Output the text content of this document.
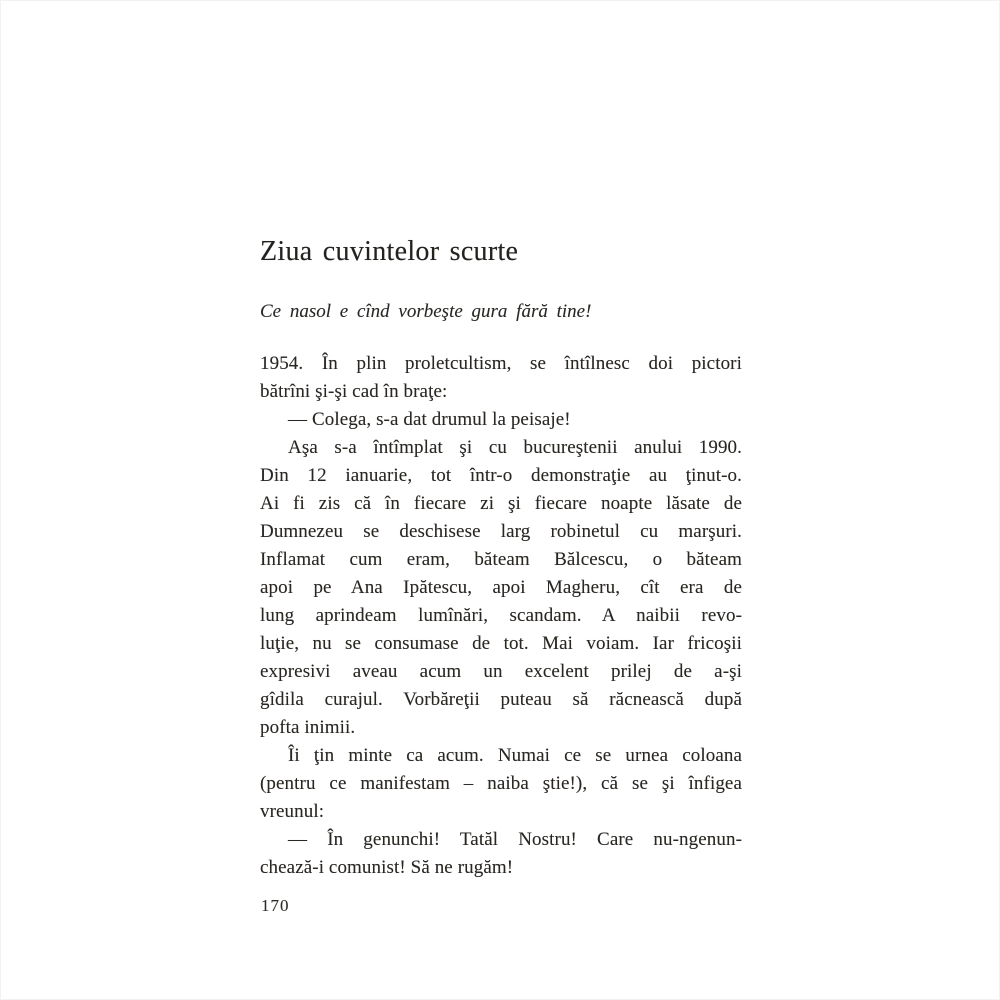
Ziua cuvintelor scurte
Ce nasol e cînd vorbeşte gura fără tine!
1954. În plin proletcultism, se întîlnesc doi pictori
bătrîni şi-şi cad în braţe:
— Colega, s-a dat drumul la peisaje!
Aşa s-a întîmplat şi cu bucureştenii anului 1990.
Din 12 ianuarie, tot într-o demonstraţie au ţinut-o.
Ai fi zis că în fiecare zi şi fiecare noapte lăsate de
Dumnezeu se deschisese larg robinetul cu marşuri.
Inflamat cum eram, băteam Bălcescu, o băteam
apoi pe Ana Ipătescu, apoi Magheru, cît era de
lung aprindeam lumînări, scandam. A naibii revo-
luţie, nu se consumase de tot. Mai voiam. Iar fricoşii
expresivi aveau acum un excelent prilej de a-şi
gîdila curajul. Vorbăreţii puteau să răcnească după
pofta inimii.
Îi ţin minte ca acum. Numai ce se urnea coloana
(pentru ce manifestam – naiba ştie!), că se şi înfigea
vreunul:
— În genunchi! Tatăl Nostru! Care nu-ngenun-
chează-i comunist! Să ne rugăm!
170
